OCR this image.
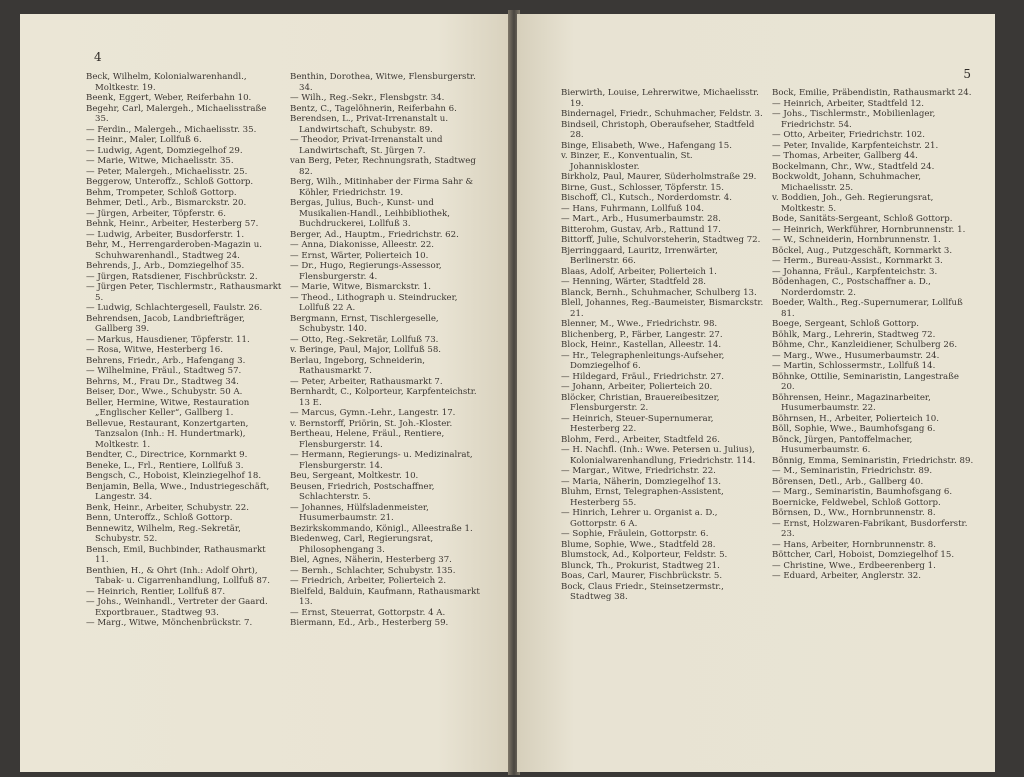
4

Beck, Wilhelm, Kolonialwarenhandl., Moltkestr. 19.

Beenk, Eggert, Weber, Reiferbahn 10.

Begehr, Carl, Malergeh., Michaelisstraße 35.

— Ferdin., Malergeh., Michaelisstr. 35.

— Heinr., Maler, Lollfuß 6.

— Ludwig, Agent, Domziegelhof 29.

— Marie, Witwe, Michaelisstr. 35.

— Peter, Malergeh., Michaelisstr. 25.

Beggerow, Unteroffz., Schloß Gottorp.

Behm, Trompeter, Schloß Gottorp.

Behmer, Detl., Arb., Bismarckstr. 20.

— Jürgen, Arbeiter, Töpferstr. 6.

Behnk, Heinr., Arbeiter, Hesterberg 57.

— Ludwig, Arbeiter, Busdorferstr. 1.

Behr, M., Herrengarderoben-Magazin u. Schuhwarenhandl., Stadtweg 24.

Behrends, J., Arb., Domziegelhof 35.

— Jürgen, Ratsdiener, Fischbrückstr. 2.

— Jürgen Peter, Tischlermstr., Rathausmarkt 5.

— Ludwig, Schlachtergesell, Faulstr. 26.

Behrendsen, Jacob, Landbriefträger, Gallberg 39.

— Markus, Hausdiener, Töpferstr. 11.

— Rosa, Witwe, Hesterberg 16.

Behrens, Friedr., Arb., Hafengang 3.

— Wilhelmine, Fräul., Stadtweg 57.

Behrns, M., Frau Dr., Stadtweg 34.

Beiser, Dor., Wwe., Schubystr. 50 A.

Beller, Hermine, Witwe, Restauration „Englischer Keller“, Gallberg 1.

Bellevue, Restaurant, Konzertgarten, Tanzsalon (Inh.: H. Hundertmark), Moltkestr. 1.

Bendter, C., Directrice, Kornmarkt 9.

Beneke, L., Frl., Rentiere, Lollfuß 3.

Bengsch, C., Hoboist, Kleinziegelhof 18.

Benjamin, Bella, Wwe., Industriegeschäft, Langestr. 34.

Benk, Heinr., Arbeiter, Schubystr. 22.

Benn, Unteroffz., Schloß Gottorp.

Bennewitz, Wilhelm, Reg.-Sekretär, Schubystr. 52.

Bensch, Emil, Buchbinder, Rathausmarkt 11.

Benthien, H., & Ohrt (Inh.: Adolf Ohrt), Tabak- u. Cigarrenhandlung, Lollfuß 87.

— Heinrich, Rentier, Lollfuß 87.

— Johs., Weinhandl., Vertreter der Gaard. Exportbrauer., Stadtweg 93.

— Marg., Witwe, Mönchenbrückstr. 7.

Benthin, Dorothea, Witwe, Flensburgerstr. 34.

— Wilh., Reg.-Sekr., Flensbgstr. 34.

Bentz, C., Tagelöhnerin, Reiferbahn 6.

Berendsen, L., Privat-Irrenanstalt u. Landwirtschaft, Schubystr. 89.

— Theodor, Privat-Irrenanstalt und Landwirtschaft, St. Jürgen 7.

van Berg, Peter, Rechnungsrath, Stadtweg 82.

Berg, Wilh., Mitinhaber der Firma Sahr & Köhler, Friedrichstr. 19.

Bergas, Julius, Buch-, Kunst- und Musikalien-Handl., Leihbibliothek, Buchdruckerei, Lollfuß 3.

Berger, Ad., Hauptm., Friedrichstr. 62.

— Anna, Diakonisse, Alleestr. 22.

— Ernst, Wärter, Polierteich 10.

— Dr., Hugo, Regierungs-Assessor, Flensburgerstr. 4.

— Marie, Witwe, Bismarckstr. 1.

— Theod., Lithograph u. Steindrucker, Lollfuß 22 A.

Bergmann, Ernst, Tischlergeselle, Schubystr. 140.

— Otto, Reg.-Sekretär, Lollfuß 73.

v. Beringe, Paul, Major, Lollfuß 58.

Berlau, Ingeborg, Schneiderin, Rathausmarkt 7.

— Peter, Arbeiter, Rathausmarkt 7.

Bernhardt, C., Kolporteur, Karpfenteichstr. 13 E.

— Marcus, Gymn.-Lehr., Langestr. 17.

v. Bernstorff, Priörin, St. Joh.-Kloster.

Bertheau, Helene, Fräul., Rentiere, Flensburgerstr. 14.

— Hermann, Regierungs- u. Medizinalrat, Flensburgerstr. 14.

Beu, Sergeant, Moltkestr. 10.

Beusen, Friedrich, Postschaffner, Schlachterstr. 5.

— Johannes, Hülfsladenmeister, Husumerbaumstr. 21.

Bezirkskommando, Königl., Alleestraße 1.

Biedenweg, Carl, Regierungsrat, Philosophengang 3.

Biel, Agnes, Näherin, Hesterberg 37.

— Bernh., Schlachter, Schubystr. 135.

— Friedrich, Arbeiter, Polierteich 2.

Bielfeld, Balduin, Kaufmann, Rathausmarkt 13.

— Ernst, Steuerrat, Gottorpstr. 4 A.

Biermann, Ed., Arb., Hesterberg 59.

5

Bierwirth, Louise, Lehrerwitwe, Michaelisstr. 19.

Bindernagel, Friedr., Schuhmacher, Feldstr. 3.

Bindseil, Christoph, Oberaufseher, Stadtfeld 28.

Binge, Elisabeth, Wwe., Hafengang 15.

v. Binzer, E., Konventualin, St. Johanniskloster.

Birkholz, Paul, Maurer, Süderholmstraße 29.

Birne, Gust., Schlosser, Töpferstr. 15.

Bischoff, Cl., Kutsch., Norderdomstr. 4.

— Hans, Fuhrmann, Lollfuß 104.

— Mart., Arb., Husumerbaumstr. 28.

Bitterohm, Gustav, Arb., Rattund 17.

Bittorff, Julie, Schulvorsteherin, Stadtweg 72.

Bjerringgaard, Lauritz, Irrenwärter, Berlinerstr. 66.

Blaas, Adolf, Arbeiter, Polierteich 1.

— Henning, Wärter, Stadtfeld 28.

Blanck, Bernh., Schuhmacher, Schulberg 13.

Blell, Johannes, Reg.-Baumeister, Bismarckstr. 21.

Blenner, M., Wwe., Friedrichstr. 98.

Blichenberg, P., Färber, Langestr. 27.

Block, Heinr., Kastellan, Alleestr. 14.

— Hr., Telegraphenleitungs-Aufseher, Domziegelhof 6.

— Hildegard, Fräul., Friedrichstr. 27.

— Johann, Arbeiter, Polierteich 20.

Blöcker, Christian, Brauereibesitzer, Flensburgerstr. 2.

— Heinrich, Steuer-Supernumerar, Hesterberg 22.

Blohm, Ferd., Arbeiter, Stadtfeld 26.

— H. Nachfl. (Inh.: Wwe. Petersen u. Julius), Kolonialwarenhandlung, Friedrichstr. 114.

— Margar., Witwe, Friedrichstr. 22.

— Maria, Näherin, Domziegelhof 13.

Bluhm, Ernst, Telegraphen-Assistent, Hesterberg 55.

— Hinrich, Lehrer u. Organist a. D., Gottorpstr. 6 A.

— Sophie, Fräulein, Gottorpstr. 6.

Blume, Sophie, Wwe., Stadtfeld 28.

Blumstock, Ad., Kolporteur, Feldstr. 5.

Blunck, Th., Prokurist, Stadtweg 21.

Boas, Carl, Maurer, Fischbrückstr. 5.

Bock, Claus Friedr., Steinsetzermstr., Stadtweg 38.

Bock, Emilie, Präbendistin, Rathausmarkt 24.

— Heinrich, Arbeiter, Stadtfeld 12.

— Johs., Tischlermstr., Mobilienlager, Friedrichstr. 54.

— Otto, Arbeiter, Friedrichstr. 102.

— Peter, Invalide, Karpfenteichstr. 21.

— Thomas, Arbeiter, Gallberg 44.

Bockelmann, Chr., Ww., Stadtfeld 24.

Bockwoldt, Johann, Schuhmacher, Michaelisstr. 25.

v. Boddien, Joh., Geh. Regierungsrat, Moltkestr. 5.

Bode, Sanitäts-Sergeant, Schloß Gottorp.

— Heinrich, Werkführer, Hornbrunnenstr. 1.

— W., Schneiderin, Hornbrunnenstr. 1.

Böckel, Aug., Putzgeschäft, Kornmarkt 3.

— Herm., Bureau-Assist., Kornmarkt 3.

— Johanna, Fräul., Karpfenteichstr. 3.

Bödenhagen, C., Postschaffner a. D., Norderdomstr. 2.

Boeder, Walth., Reg.-Supernumerar, Lollfuß 81.

Boege, Sergeant, Schloß Gottorp.

Böhlk, Marg., Lehrerin, Stadtweg 72.

Böhme, Chr., Kanzleidiener, Schulberg 26.

— Marg., Wwe., Husumerbaumstr. 24.

— Martin, Schlossermstr., Lollfuß 14.

Böhnke, Ottilie, Seminaristin, Langestraße 20.

Böhrensen, Heinr., Magazinarbeiter, Husumerbaumstr. 22.

Böhrnsen, H., Arbeiter, Polierteich 10.

Böll, Sophie, Wwe., Baumhofsgang 6.

Bönck, Jürgen, Pantoffelmacher, Husumerbaumstr. 6.

Bönnig, Emma, Seminaristin, Friedrichstr. 89.

— M., Seminaristin, Friedrichstr. 89.

Börensen, Detl., Arb., Gallberg 40.

— Marg., Seminaristin, Baumhofsgang 6.

Boernicke, Feldwebel, Schloß Gottorp.

Börnsen, D., Ww., Hornbrunnenstr. 8.

— Ernst, Holzwaren-Fabrikant, Busdorferstr. 23.

— Hans, Arbeiter, Hornbrunnenstr. 8.

Böttcher, Carl, Hoboist, Domziegelhof 15.

— Christine, Wwe., Erdbeerenberg 1.

— Eduard, Arbeiter, Anglerstr. 32.
